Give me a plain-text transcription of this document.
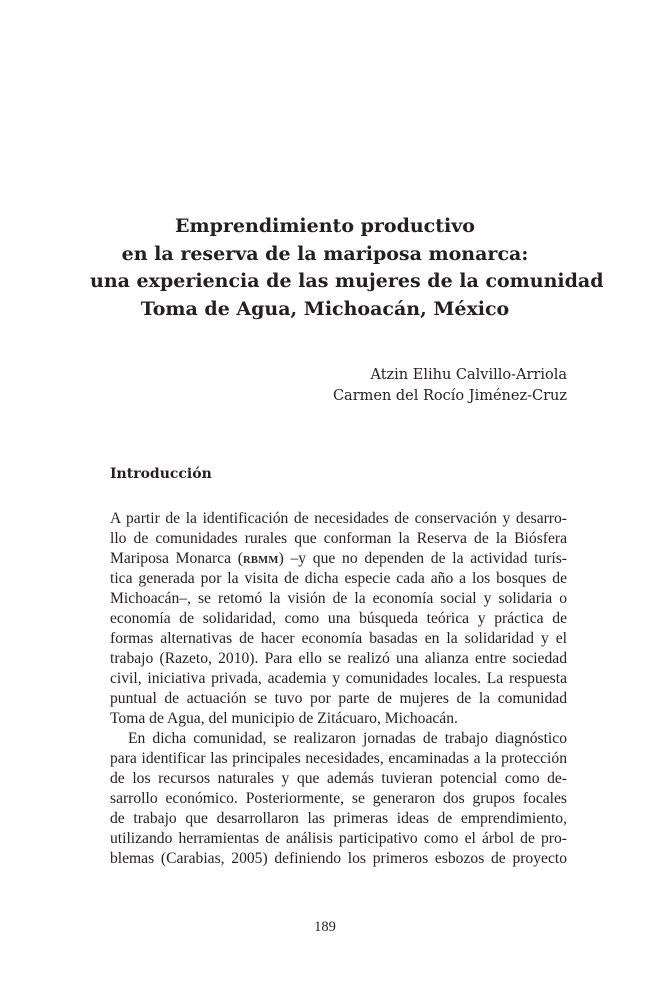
Emprendimiento productivo
en la reserva de la mariposa monarca:
una experiencia de las mujeres de la comunidad
Toma de Agua, Michoacán, México
Atzin Elihu Calvillo-Arriola
Carmen del Rocío Jiménez-Cruz
Introducción
A partir de la identificación de necesidades de conservación y desarro-
llo de comunidades rurales que conforman la Reserva de la Biósfera
Mariposa Monarca (RBMM) –y que no dependen de la actividad turís-
tica generada por la visita de dicha especie cada año a los bosques de
Michoacán–, se retomó la visión de la economía social y solidaria o
economía de solidaridad, como una búsqueda teórica y práctica de
formas alternativas de hacer economía basadas en la solidaridad y el
trabajo (Razeto, 2010). Para ello se realizó una alianza entre sociedad
civil, iniciativa privada, academia y comunidades locales. La respuesta
puntual de actuación se tuvo por parte de mujeres de la comunidad
Toma de Agua, del municipio de Zitácuaro, Michoacán.
En dicha comunidad, se realizaron jornadas de trabajo diagnóstico
para identificar las principales necesidades, encaminadas a la protección
de los recursos naturales y que además tuvieran potencial como de-
sarrollo económico. Posteriormente, se generaron dos grupos focales
de trabajo que desarrollaron las primeras ideas de emprendimiento,
utilizando herramientas de análisis participativo como el árbol de pro-
blemas (Carabias, 2005) definiendo los primeros esbozos de proyecto
189
